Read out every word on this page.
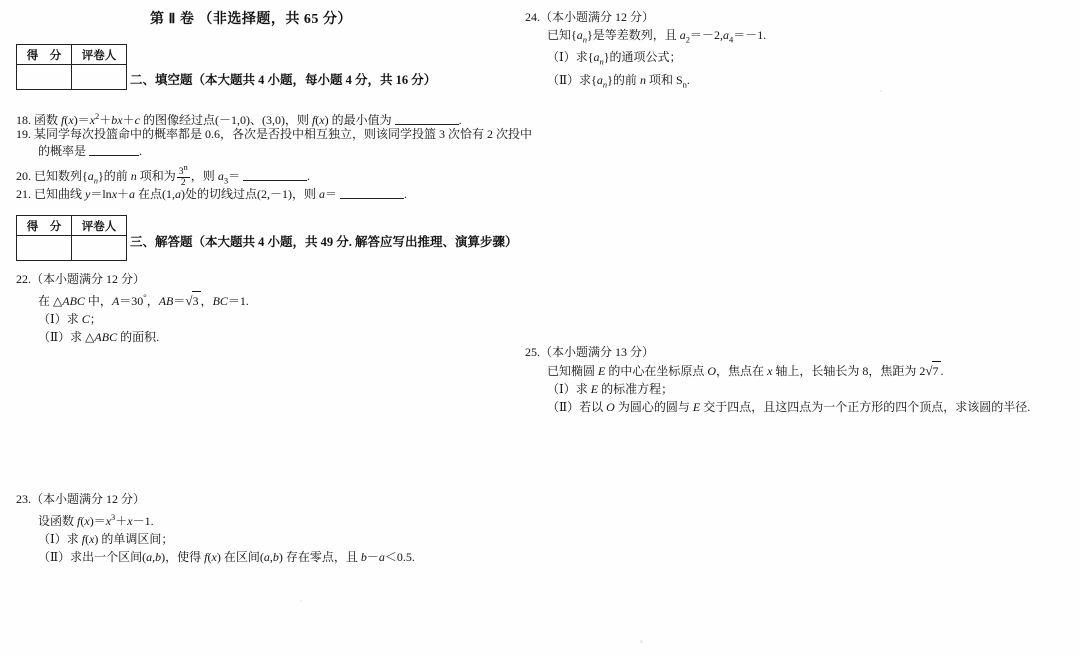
第 Ⅱ 卷 （非选择题，共 65 分）
得　分	评卷人

二、填空题（本大题共 4 小题，每小题 4 分，共 16 分）
18. 函数 $f(x)=x^2+bx+c$ 的图像经过点(－1,0)、(3,0)，则 f(x) 的最小值为	.
19. 某同学每次投篮命中的概率都是 0.6，各次是否投中相互独立，则该同学投篮 3 次恰有 2 次投中
的概率是	.
20. 已知数列$\{a_n\}$的前 n 项和为 $\frac{3n}{2}$ ，则 $a_3=$	.
21. 已知曲线 y＝lnx＋a 在点(1,a)处的切线过点(2,－1)，则 a＝	.
得　分	评卷人

三、解答题（本大题共 4 小题，共 49 分. 解答应写出推理、演算步骤）
22.（本小题满分 12 分）
在 △ABC 中，A＝30°，AB＝√3 ，BC＝1.
（Ⅰ）求 C；
（Ⅱ）求 △ABC 的面积.
23.（本小题满分 12 分）
设函数 $f(x)=x^3+x-1$.
（Ⅰ）求 f(x) 的单调区间；
（Ⅱ）求出一个区间(a,b)，使得 f(x) 在区间(a,b) 存在零点，且 b－a＜0.5.
24.（本小题满分 12 分）
已知$\{a_n\}$是等差数列，且 $a_2=-2,a_4=-1$.
（Ⅰ）求$\{a_n\}$的通项公式；
（Ⅱ）求$\{a_n\}$的前 n 项和 $S_n$.
25.（本小题满分 13 分）
已知椭圆 E 的中心在坐标原点 O，焦点在 x 轴上，长轴长为 8，焦距为 2√7 .
（Ⅰ）求 E 的标准方程；
（Ⅱ）若以 O 为圆心的圆与 E 交于四点，且这四点为一个正方形的四个顶点，求该圆的半径.
